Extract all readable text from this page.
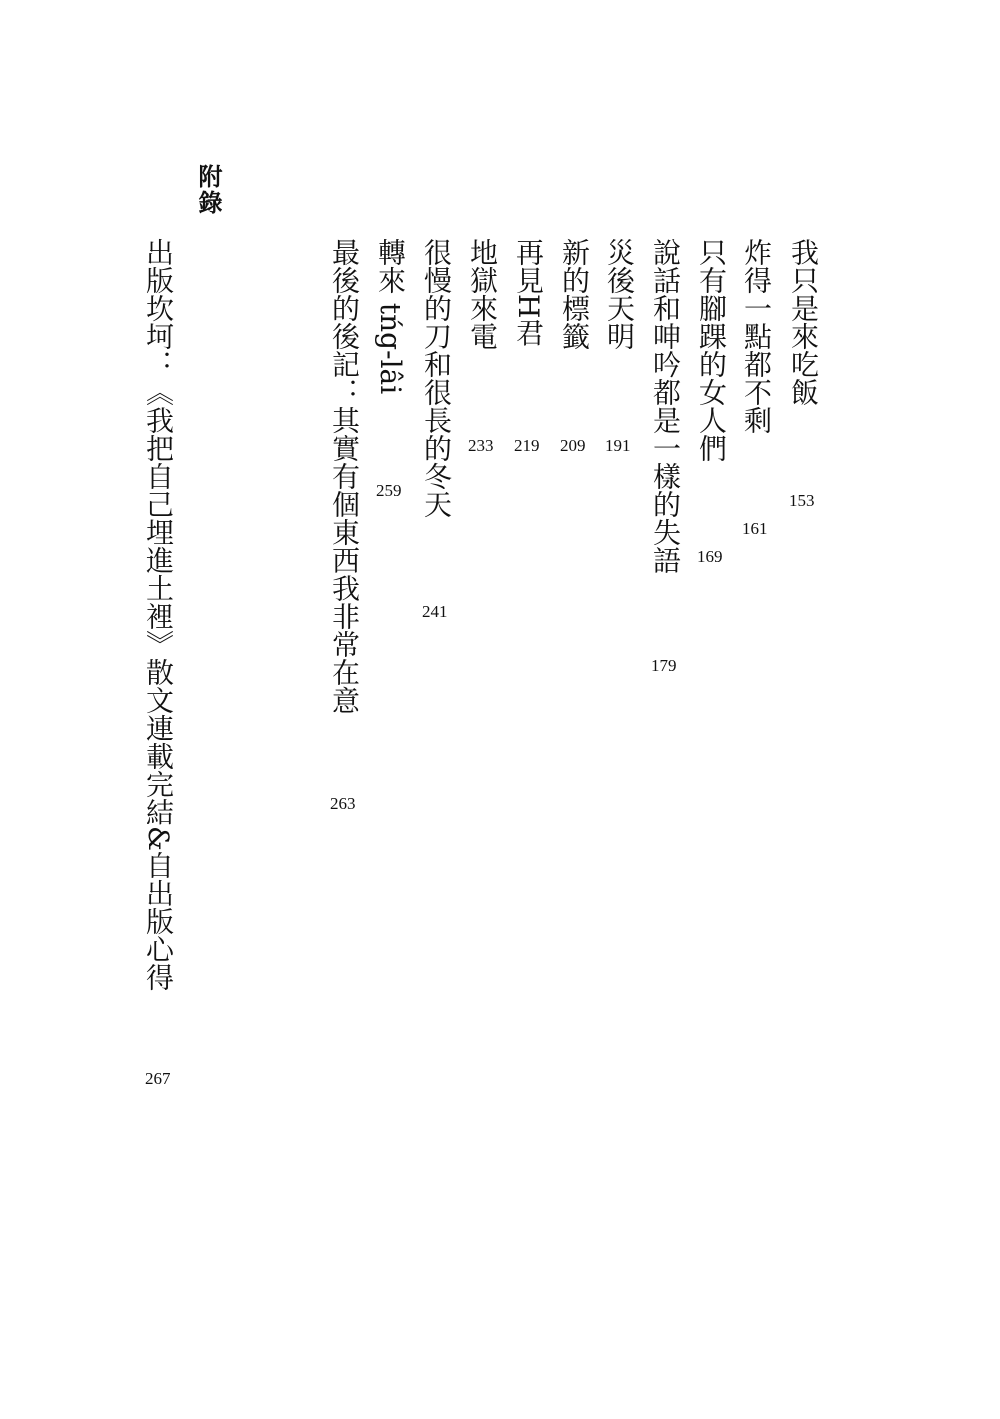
附錄
我只是來吃飯
153
炸得一點都不剩
161
只有腳踝的女人們
169
說話和呻吟都是一樣的失語
179
災後天明
191
新的標籤
209
再見H君
219
地獄來電
233
很慢的刀和很長的冬天
241
轉來 tńg-lâi
259
最後的後記：其實有個東西我非常在意
263
出版坎坷：《我把自己埋進土裡》散文連載完結&自出版心得
267
